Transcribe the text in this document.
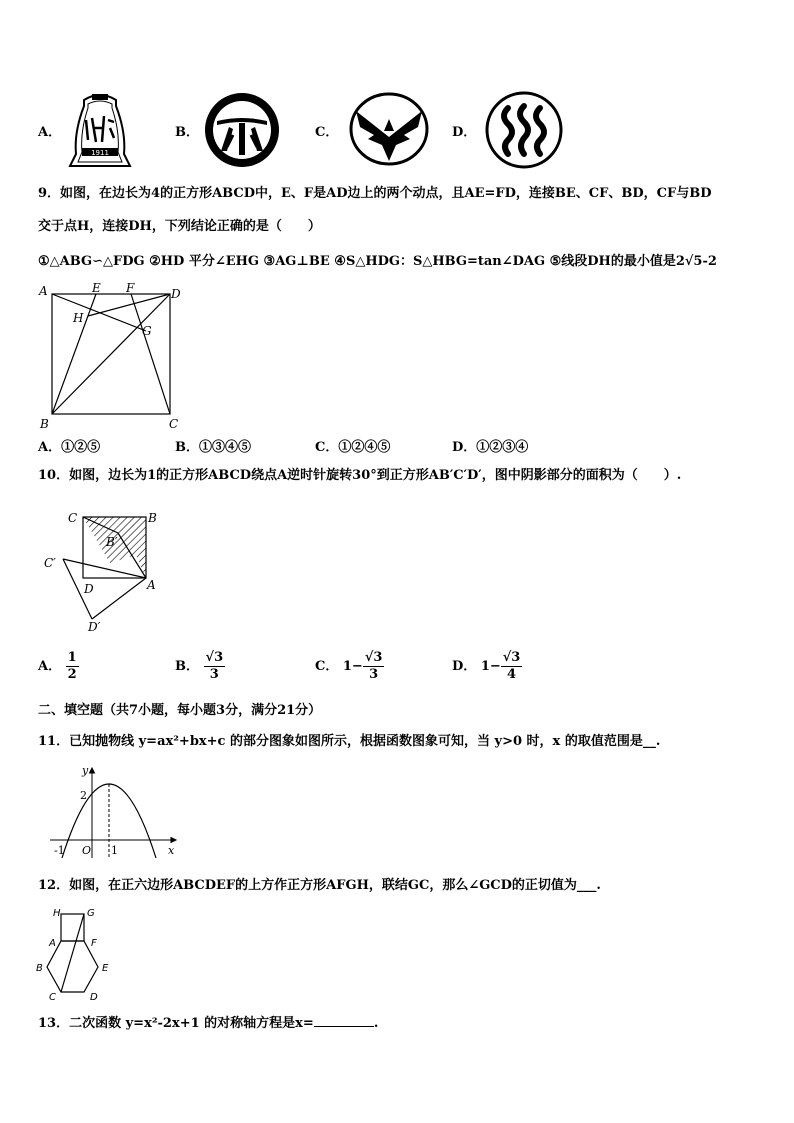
A．
1911
B．	C．	D．
9．如图，在边长为4的正方形ABCD中，E、F是AD边上的两个动点，且AE=FD，连接BE、CF、BD，CF与BD
交于点H，连接DH，下列结论正确的是（　　）
①△ABG∽△FDG ②HD 平分∠EHG ③AG⊥BE ④S△HDG：S△HBG=tan∠DAG ⑤线段DH的最小值是2√5-2
A	E F	D
H
G
B	C
A．①②⑤	B．①③④⑤	C．①②④⑤	D．①②③④
10．如图，边长为1的正方形ABCD绕点A逆时针旋转30°到正方形AB′C′D′，图中阴影部分的面积为（　　）.
C	B
B′
C′
D	A
D′
A． $\frac{1}{2}$	B． $\frac{√3}{3}$	C． $1- \frac{√3}{3}$	D． $1- \frac{√3}{4}$
二、填空题（共7小题，每小题3分，满分21分）
11．已知抛物线 y=ax²+bx+c 的部分图象如图所示，根据函数图象可知，当 y>0 时，x 的取值范围是__.
y
2
-1 O 1	x
12．如图，在正六边形ABCDEF的上方作正方形AFGH，联结GC，那么∠GCD的正切值为___.
H	G
A	F
B	E
C	D
13．二次函数 y=x²-2x+1 的对称轴方程是x=	.
